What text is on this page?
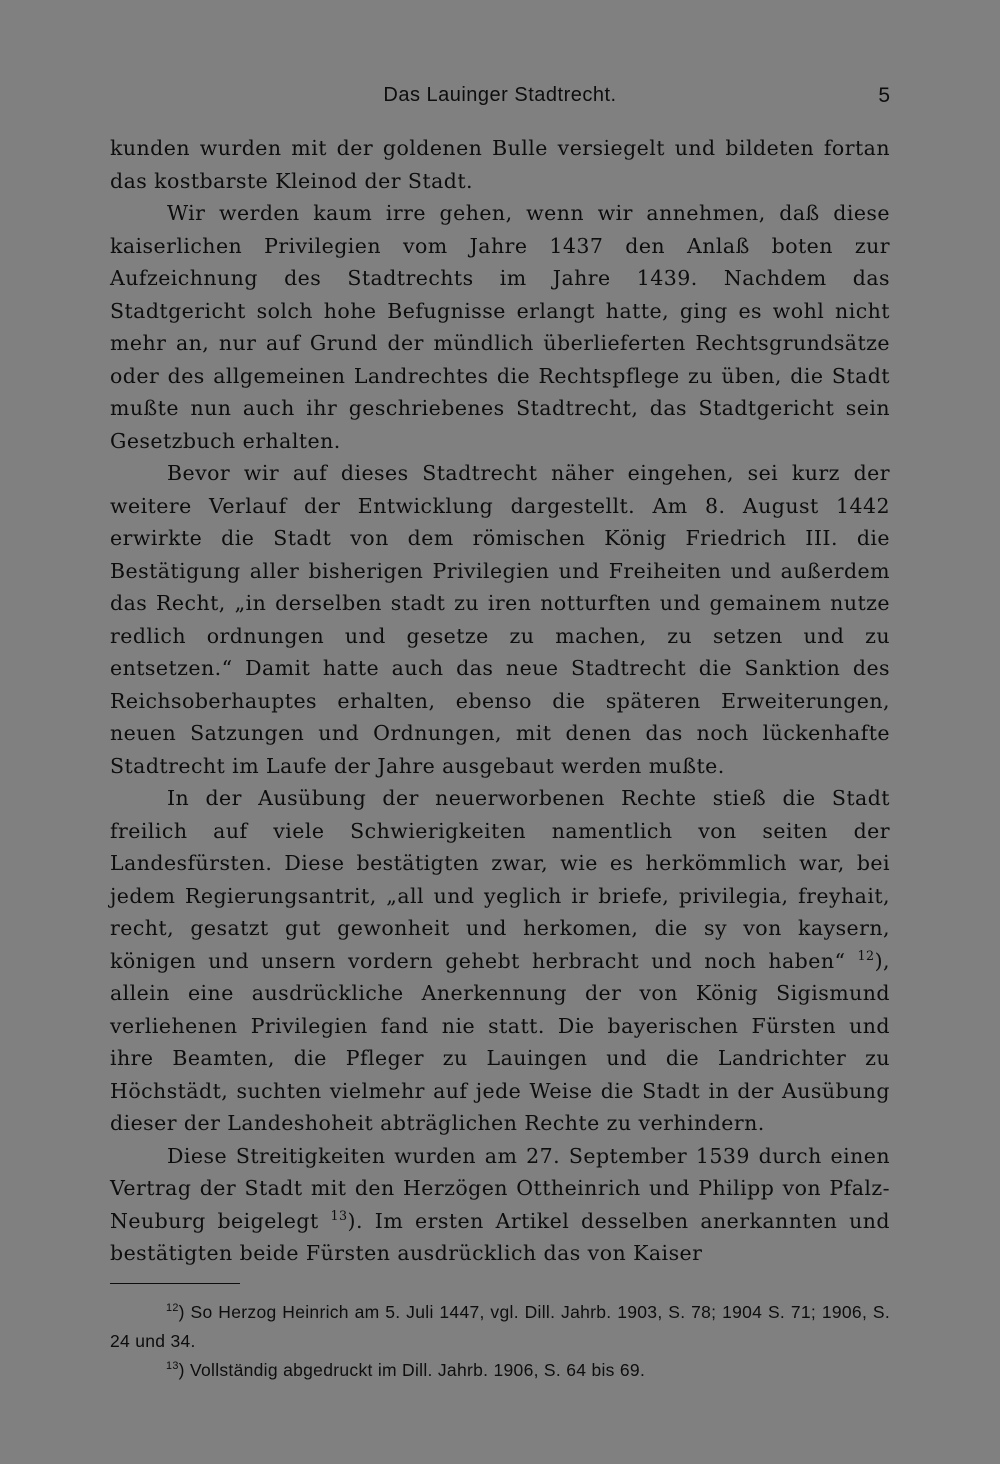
Das Lauinger Stadtrecht.	5

kunden wurden mit der goldenen Bulle versiegelt und bildeten fortan das kostbarste Kleinod der Stadt.

Wir werden kaum irre gehen, wenn wir annehmen, daß diese kaiserlichen Privilegien vom Jahre 1437 den Anlaß boten zur Aufzeichnung des Stadtrechts im Jahre 1439. Nachdem das Stadtgericht solch hohe Befugnisse erlangt hatte, ging es wohl nicht mehr an, nur auf Grund der mündlich überlieferten Rechtsgrundsätze oder des allgemeinen Landrechtes die Rechtspflege zu üben, die Stadt mußte nun auch ihr geschriebenes Stadtrecht, das Stadtgericht sein Gesetzbuch erhalten.

Bevor wir auf dieses Stadtrecht näher eingehen, sei kurz der weitere Verlauf der Entwicklung dargestellt. Am 8. August 1442 erwirkte die Stadt von dem römischen König Friedrich III. die Bestätigung aller bisherigen Privilegien und Freiheiten und außerdem das Recht, „in derselben stadt zu iren notturften und gemainem nutze redlich ordnungen und gesetze zu machen, zu setzen und zu entsetzen.“ Damit hatte auch das neue Stadtrecht die Sanktion des Reichsoberhauptes erhalten, ebenso die späteren Erweiterungen, neuen Satzungen und Ordnungen, mit denen das noch lückenhafte Stadtrecht im Laufe der Jahre ausgebaut werden mußte.

In der Ausübung der neuerworbenen Rechte stieß die Stadt freilich auf viele Schwierigkeiten namentlich von seiten der Landesfürsten. Diese bestätigten zwar, wie es herkömmlich war, bei jedem Regierungsantrit, „all und yeglich ir briefe, privilegia, freyhait, recht, gesatzt gut gewonheit und herkomen, die sy von kaysern, königen und unsern vordern gehebt herbracht und noch haben“ $^{12}$), allein eine ausdrückliche Anerkennung der von König Sigismund verliehenen Privilegien fand nie statt. Die bayerischen Fürsten und ihre Beamten, die Pfleger zu Lauingen und die Landrichter zu Höchstädt, suchten vielmehr auf jede Weise die Stadt in der Ausübung dieser der Landeshoheit abträglichen Rechte zu verhindern.

Diese Streitigkeiten wurden am 27. September 1539 durch einen Vertrag der Stadt mit den Herzögen Ottheinrich und Philipp von Pfalz-Neuburg beigelegt $^{13}$). Im ersten Artikel desselben anerkannten und bestätigten beide Fürsten ausdrücklich das von Kaiser

$^{12}$) So Herzog Heinrich am 5. Juli 1447, vgl. Dill. Jahrb. 1903, S. 78; 1904 S. 71; 1906, S. 24 und 34.

$^{13}$) Vollständig abgedruckt im Dill. Jahrb. 1906, S. 64 bis 69.
